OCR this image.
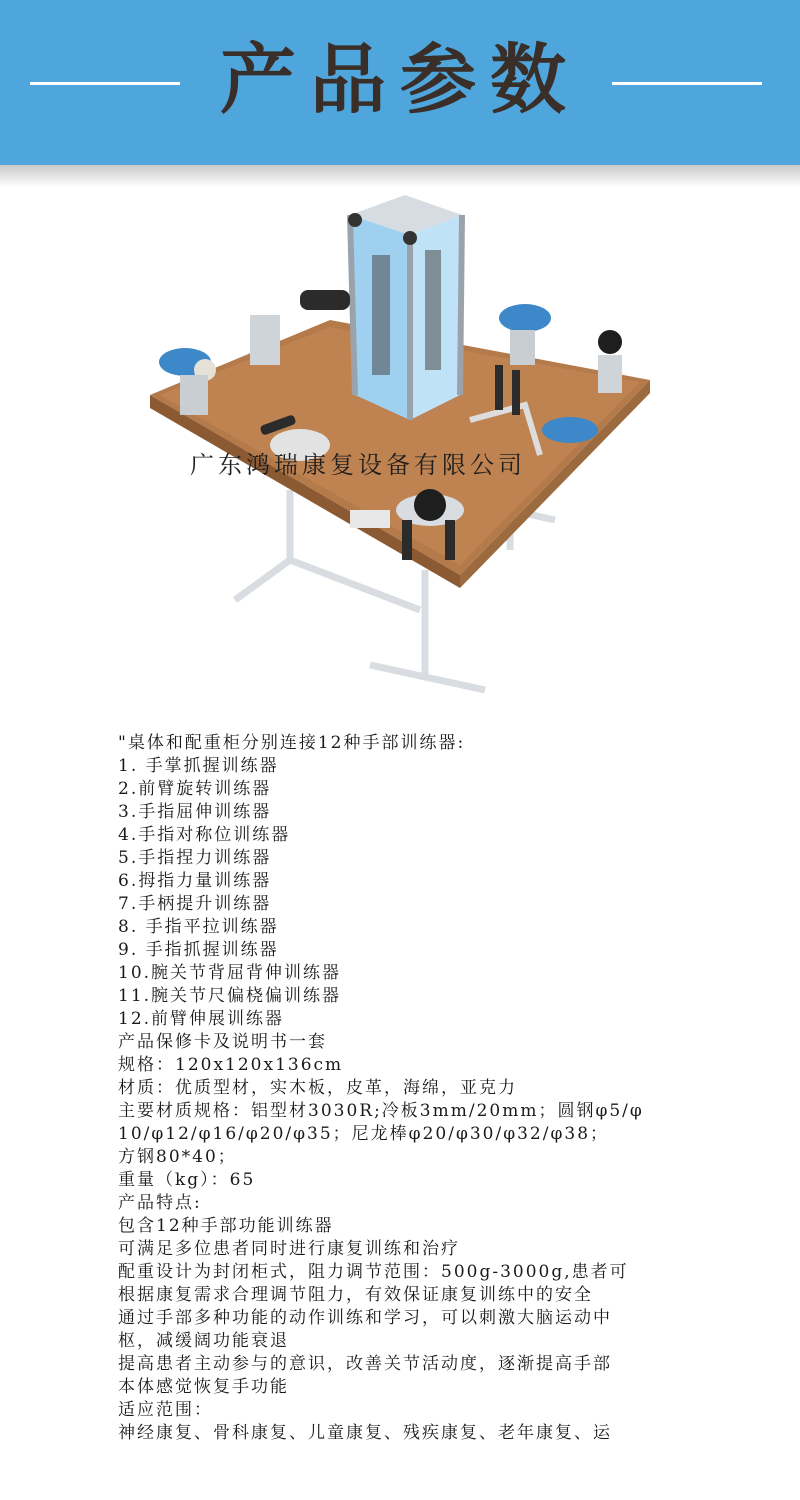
产品参数
广东鸿瑞康复设备有限公司
"桌体和配重柜分别连接12种手部训练器:
1. 手掌抓握训练器
2.前臂旋转训练器
3.手指屈伸训练器
4.手指对称位训练器
5.手指捏力训练器
6.拇指力量训练器
7.手柄提升训练器
8. 手指平拉训练器
9. 手指抓握训练器
10.腕关节背屈背伸训练器
11.腕关节尺偏桡偏训练器
12.前臂伸展训练器
产品保修卡及说明书一套
规格：120x120x136cm
材质：优质型材，实木板，皮革，海绵，亚克力
主要材质规格：铝型材3030R;冷板3mm/20mm；圆钢φ5/φ
10/φ12/φ16/φ20/φ35；尼龙棒φ20/φ30/φ32/φ38；
方钢80*40；
重量（kg）：65
产品特点:
包含12种手部功能训练器
可满足多位患者同时进行康复训练和治疗
配重设计为封闭柜式，阻力调节范围：500g-3000g,患者可
根据康复需求合理调节阻力，有效保证康复训练中的安全
通过手部多种功能的动作训练和学习，可以刺激大脑运动中
枢，减缓阔功能衰退
提高患者主动参与的意识，改善关节活动度，逐渐提高手部
本体感觉恢复手功能
适应范围：
神经康复、骨科康复、儿童康复、残疾康复、老年康复、运
